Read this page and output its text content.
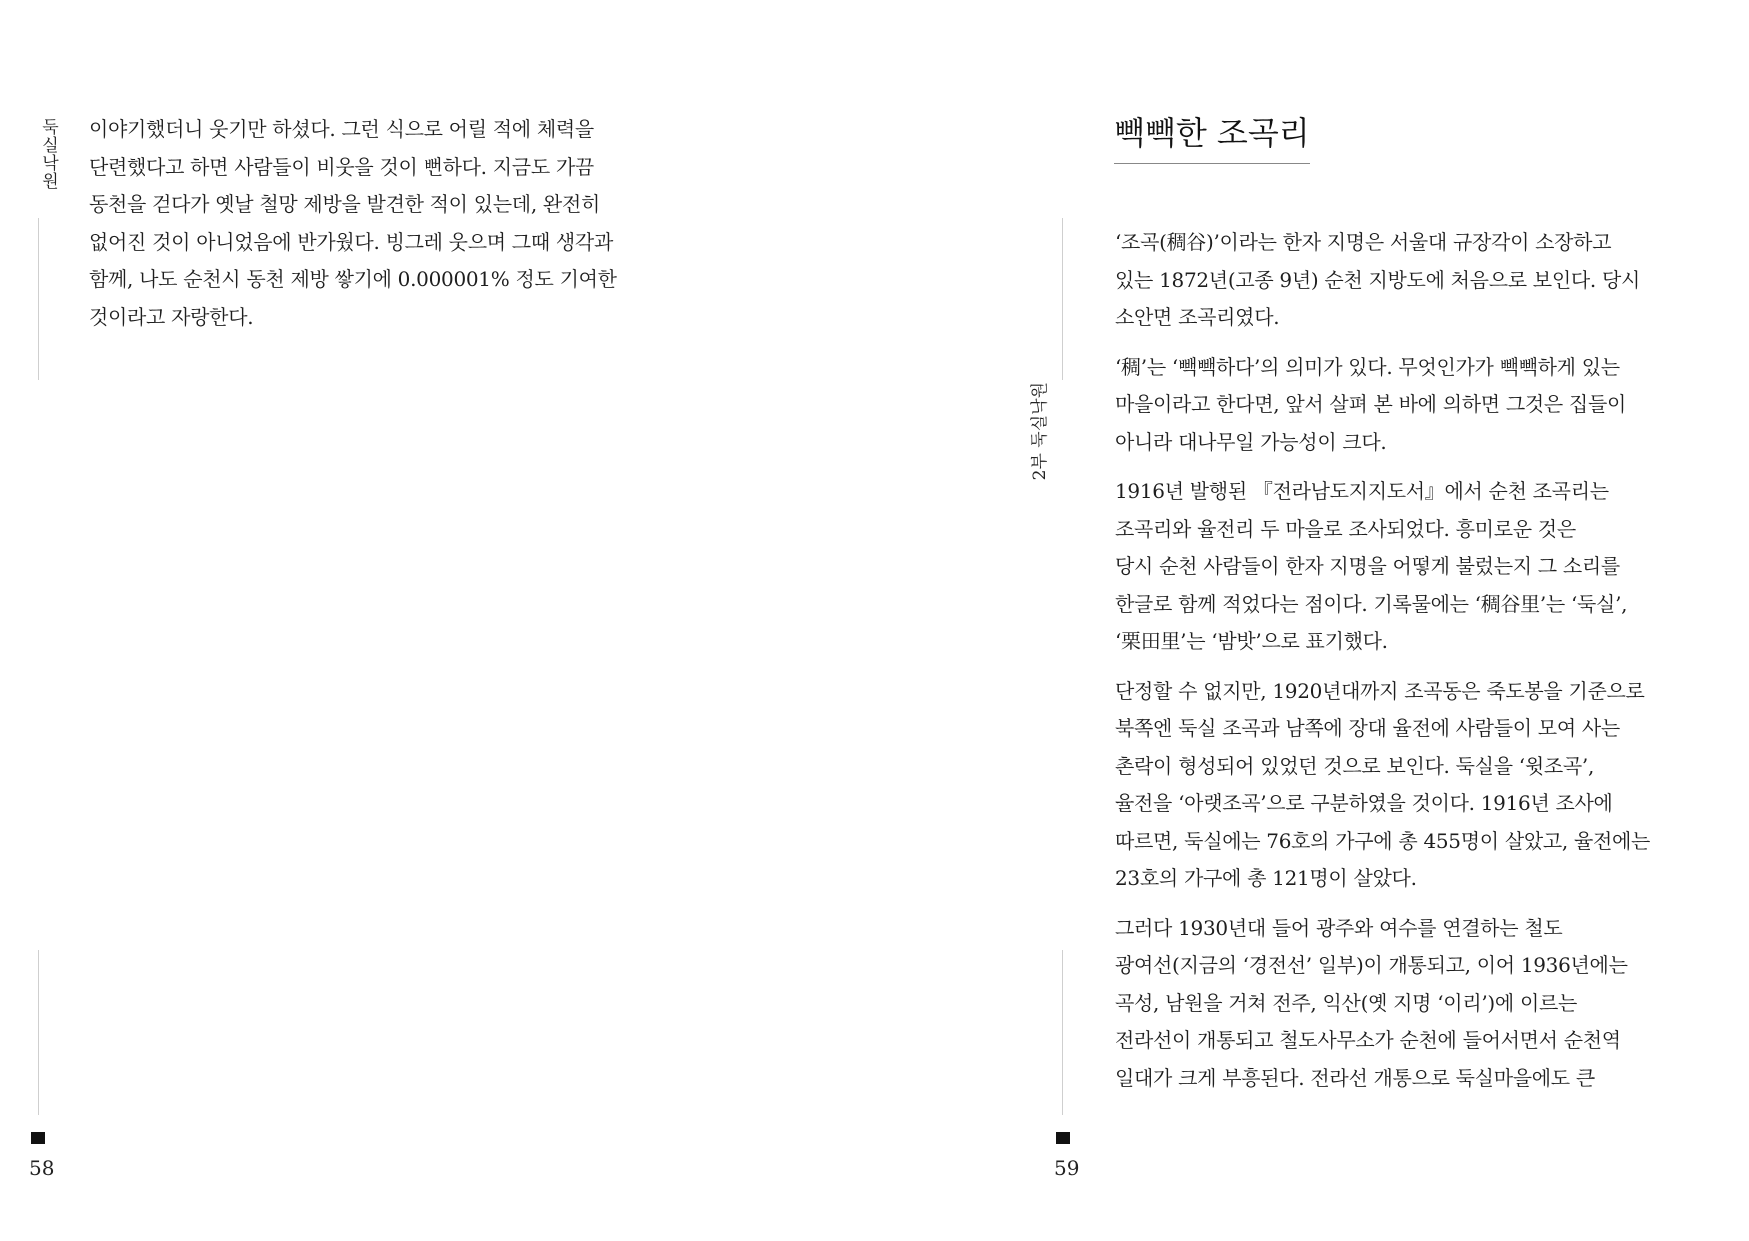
둑실낙원 이야기했더니 웃기만 하셨다. 그런 식으로 어릴 적에 체력을
단련했다고 하면 사람들이 비웃을 것이 뻔하다. 지금도 가끔
동천을 걷다가 옛날 철망 제방을 발견한 적이 있는데, 완전히
없어진 것이 아니었음에 반가웠다. 빙그레 웃으며 그때 생각과
함께, 나도 순천시 동천 제방 쌓기에 0.000001% 정도 기여한
것이라고 자랑한다.

58
빽빽한 조곡리
2부 둑실낙원

‘조곡(稠谷)’이라는 한자 지명은 서울대 규장각이 소장하고
있는 1872년(고종 9년) 순천 지방도에 처음으로 보인다. 당시
소안면 조곡리였다.

‘稠’는 ‘빽빽하다’의 의미가 있다. 무엇인가가 빽빽하게 있는
마을이라고 한다면, 앞서 살펴 본 바에 의하면 그것은 집들이
아니라 대나무일 가능성이 크다.

1916년 발행된 『전라남도지지도서』에서 순천 조곡리는
조곡리와 율전리 두 마을로 조사되었다. 흥미로운 것은
당시 순천 사람들이 한자 지명을 어떻게 불렀는지 그 소리를
한글로 함께 적었다는 점이다. 기록물에는 ‘稠谷里’는 ‘둑실’,
‘栗田里’는 ‘밤밧’으로 표기했다.

단정할 수 없지만, 1920년대까지 조곡동은 죽도봉을 기준으로
북쪽엔 둑실 조곡과 남쪽에 장대 율전에 사람들이 모여 사는
촌락이 형성되어 있었던 것으로 보인다. 둑실을 ‘윗조곡’,
율전을 ‘아랫조곡’으로 구분하였을 것이다. 1916년 조사에
따르면, 둑실에는 76호의 가구에 총 455명이 살았고, 율전에는
23호의 가구에 총 121명이 살았다.

그러다 1930년대 들어 광주와 여수를 연결하는 철도
광여선(지금의 ‘경전선’ 일부)이 개통되고, 이어 1936년에는
곡성, 남원을 거쳐 전주, 익산(옛 지명 ‘이리’)에 이르는
전라선이 개통되고 철도사무소가 순천에 들어서면서 순천역
일대가 크게 부흥된다. 전라선 개통으로 둑실마을에도 큰

59
